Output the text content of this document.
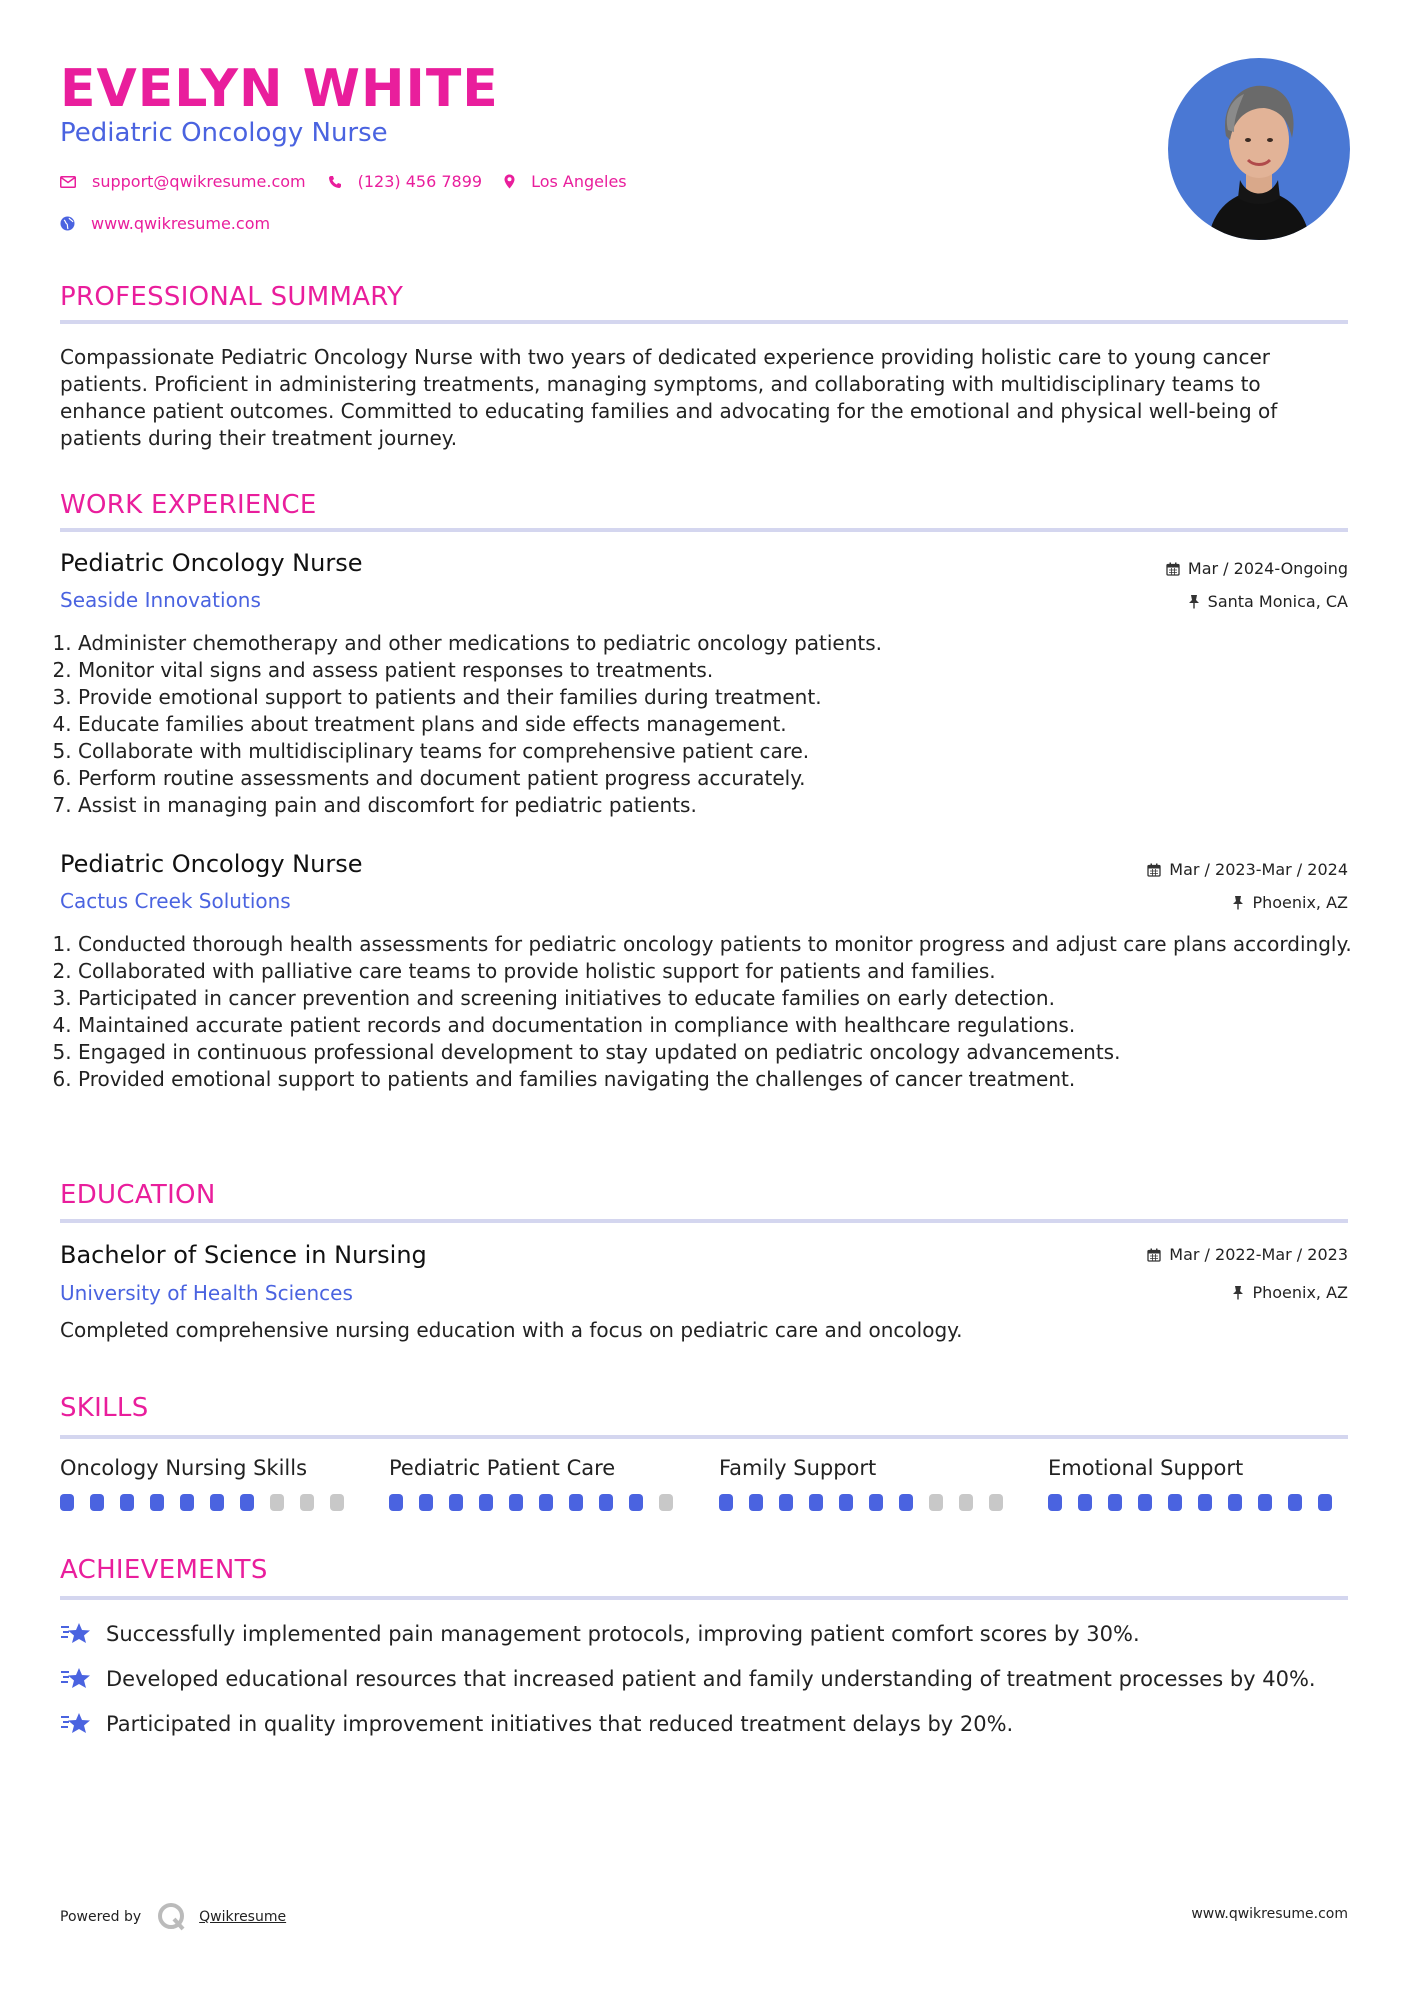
EVELYN WHITE
Pediatric Oncology Nurse
support@qwikresume.com	(123) 456 7899	Los Angeles
www.qwikresume.com
PROFESSIONAL SUMMARY
Compassionate Pediatric Oncology Nurse with two years of dedicated experience providing holistic care to young cancer patients. Proficient in administering treatments, managing symptoms, and collaborating with multidisciplinary teams to enhance patient outcomes. Committed to educating families and advocating for the emotional and physical well-being of patients during their treatment journey.
WORK EXPERIENCE
Pediatric Oncology Nurse
Seaside Innovations
Mar / 2024-Ongoing
Santa Monica, CA
1. Administer chemotherapy and other medications to pediatric oncology patients.
2. Monitor vital signs and assess patient responses to treatments.
3. Provide emotional support to patients and their families during treatment.
4. Educate families about treatment plans and side effects management.
5. Collaborate with multidisciplinary teams for comprehensive patient care.
6. Perform routine assessments and document patient progress accurately.
7. Assist in managing pain and discomfort for pediatric patients.
Pediatric Oncology Nurse
Cactus Creek Solutions
Mar / 2023-Mar / 2024
Phoenix, AZ
1. Conducted thorough health assessments for pediatric oncology patients to monitor progress and adjust care plans accordingly.
2. Collaborated with palliative care teams to provide holistic support for patients and families.
3. Participated in cancer prevention and screening initiatives to educate families on early detection.
4. Maintained accurate patient records and documentation in compliance with healthcare regulations.
5. Engaged in continuous professional development to stay updated on pediatric oncology advancements.
6. Provided emotional support to patients and families navigating the challenges of cancer treatment.
EDUCATION
Bachelor of Science in Nursing
University of Health Sciences
Mar / 2022-Mar / 2023
Phoenix, AZ
Completed comprehensive nursing education with a focus on pediatric care and oncology.
SKILLS
Oncology Nursing Skills	Pediatric Patient Care	Family Support	Emotional Support
ACHIEVEMENTS
Successfully implemented pain management protocols, improving patient comfort scores by 30%.
Developed educational resources that increased patient and family understanding of treatment processes by 40%.
Participated in quality improvement initiatives that reduced treatment delays by 20%.
Powered by	Qwikresume	www.qwikresume.com
